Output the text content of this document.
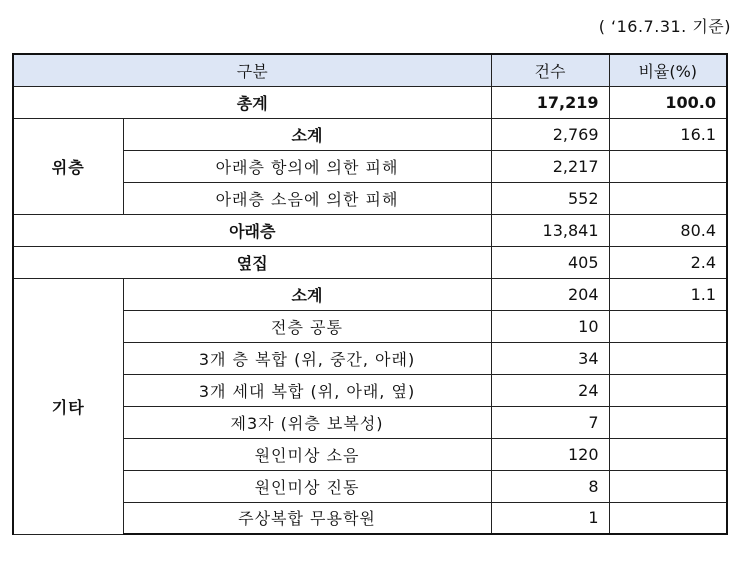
( ‘16.7.31. 기준)
구분		건수	비율(%)
총계		17,219	100.0
위층	소계	2,769	16.1
	아래층 항의에 의한 피해	2,217	
	아래층 소음에 의한 피해	552	
아래층		13,841	80.4
옆집		405	2.4
기타	소계	204	1.1
	전층 공통	10	
	3개 층 복합 (위, 중간, 아래)	34	
	3개 세대 복합 (위, 아래, 옆)	24	
	제3자 (위층 보복성)	7	
	원인미상 소음	120	
	원인미상 진동	8	
	주상복합 무용학원	1	
